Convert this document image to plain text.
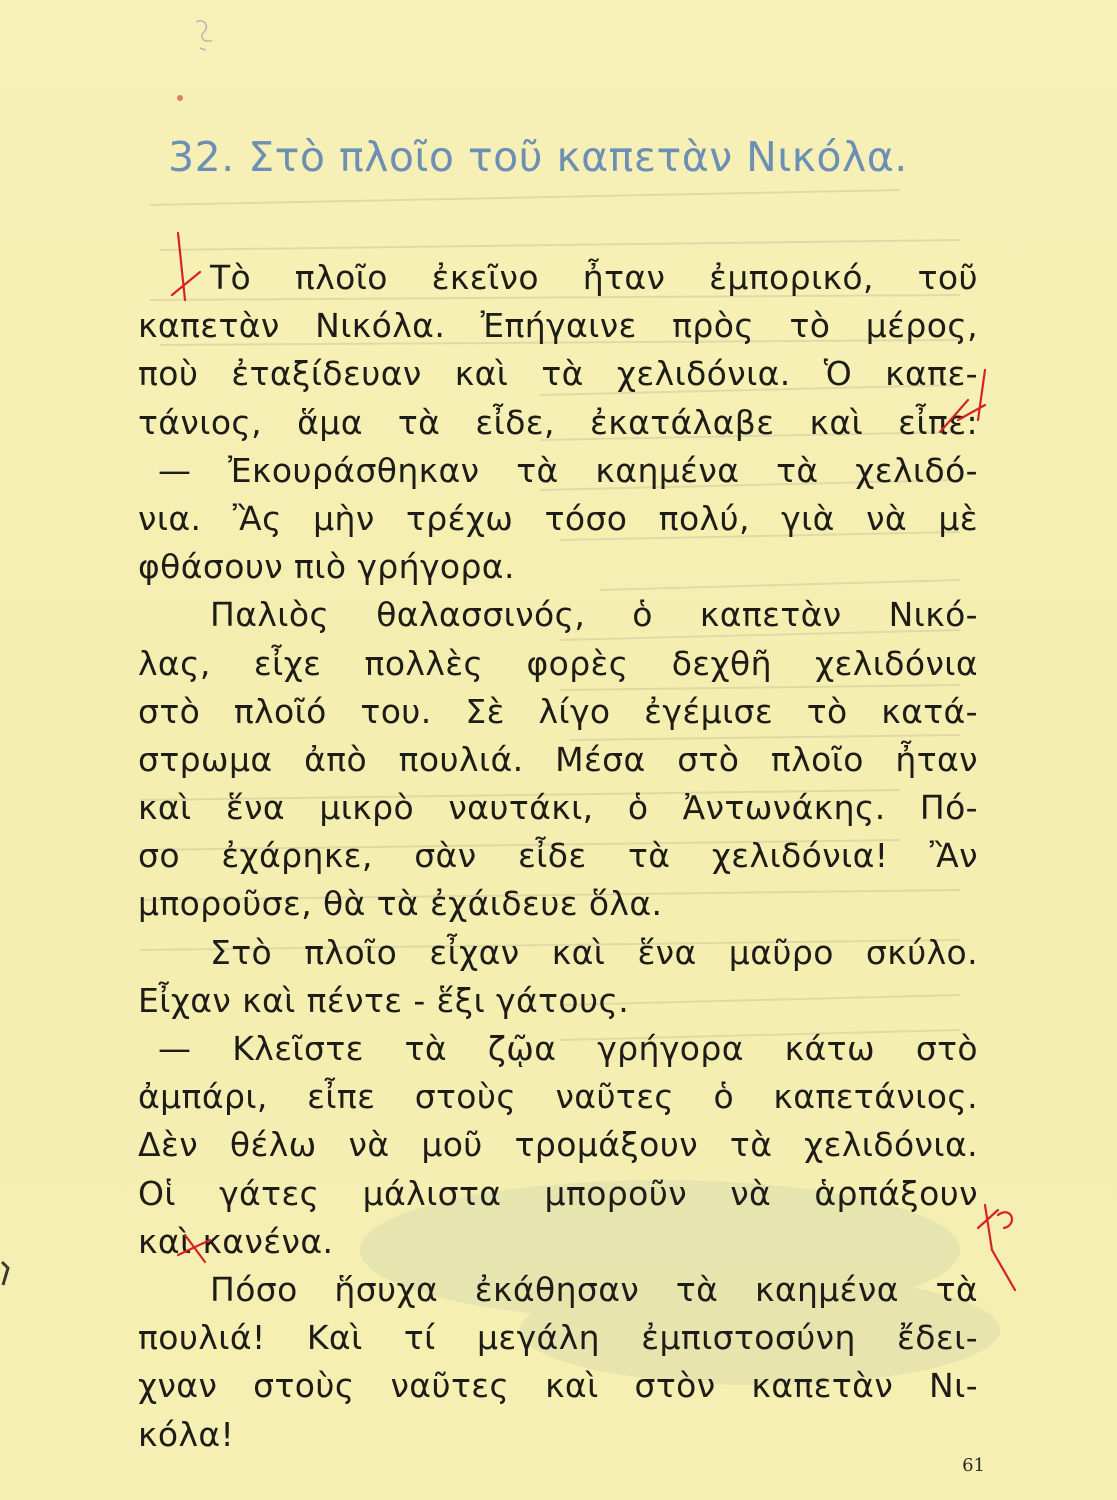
32. Στὸ πλοῖο τοῦ καπετὰν Νικόλα.
Τὸ πλοῖο ἐκεῖνο ἦταν ἐμπορικό, τοῦ
καπετὰν Νικόλα. Ἐπήγαινε πρὸς τὸ μέρος,
ποὺ ἐταξίδευαν καὶ τὰ χελιδόνια. Ὁ καπε-
τάνιος, ἅμα τὰ εἶδε, ἐκατάλαβε καὶ εἶπε:
— Ἐκουράσθηκαν τὰ καημένα τὰ χελιδό-
νια. Ἂς μὴν τρέχω τόσο πολύ, γιὰ νὰ μὲ
φθάσουν πιὸ γρήγορα.
Παλιὸς θαλασσινός, ὁ καπετὰν Νικό-
λας, εἶχε πολλὲς φορὲς δεχθῆ χελιδόνια
στὸ πλοῖό του. Σὲ λίγο ἐγέμισε τὸ κατά-
στρωμα ἀπὸ πουλιά. Μέσα στὸ πλοῖο ἦταν
καὶ ἕνα μικρὸ ναυτάκι, ὁ Ἀντωνάκης. Πό-
σο ἐχάρηκε, σὰν εἶδε τὰ χελιδόνια! Ἂν
μποροῦσε, θὰ τὰ ἐχάιδευε ὅλα.
Στὸ πλοῖο εἶχαν καὶ ἕνα μαῦρο σκύλο.
Εἶχαν καὶ πέντε - ἕξι γάτους.
— Κλεῖστε τὰ ζῷα γρήγορα κάτω στὸ
ἀμπάρι, εἶπε στοὺς ναῦτες ὁ καπετάνιος.
Δὲν θέλω νὰ μοῦ τρομάξουν τὰ χελιδόνια.
Οἱ γάτες μάλιστα μποροῦν νὰ ἁρπάξουν
καὶ κανένα.
Πόσο ἥσυχα ἐκάθησαν τὰ καημένα τὰ
πουλιά! Καὶ τί μεγάλη ἐμπιστοσύνη ἔδει-
χναν στοὺς ναῦτες καὶ στὸν καπετὰν Νι-
κόλα!
61
